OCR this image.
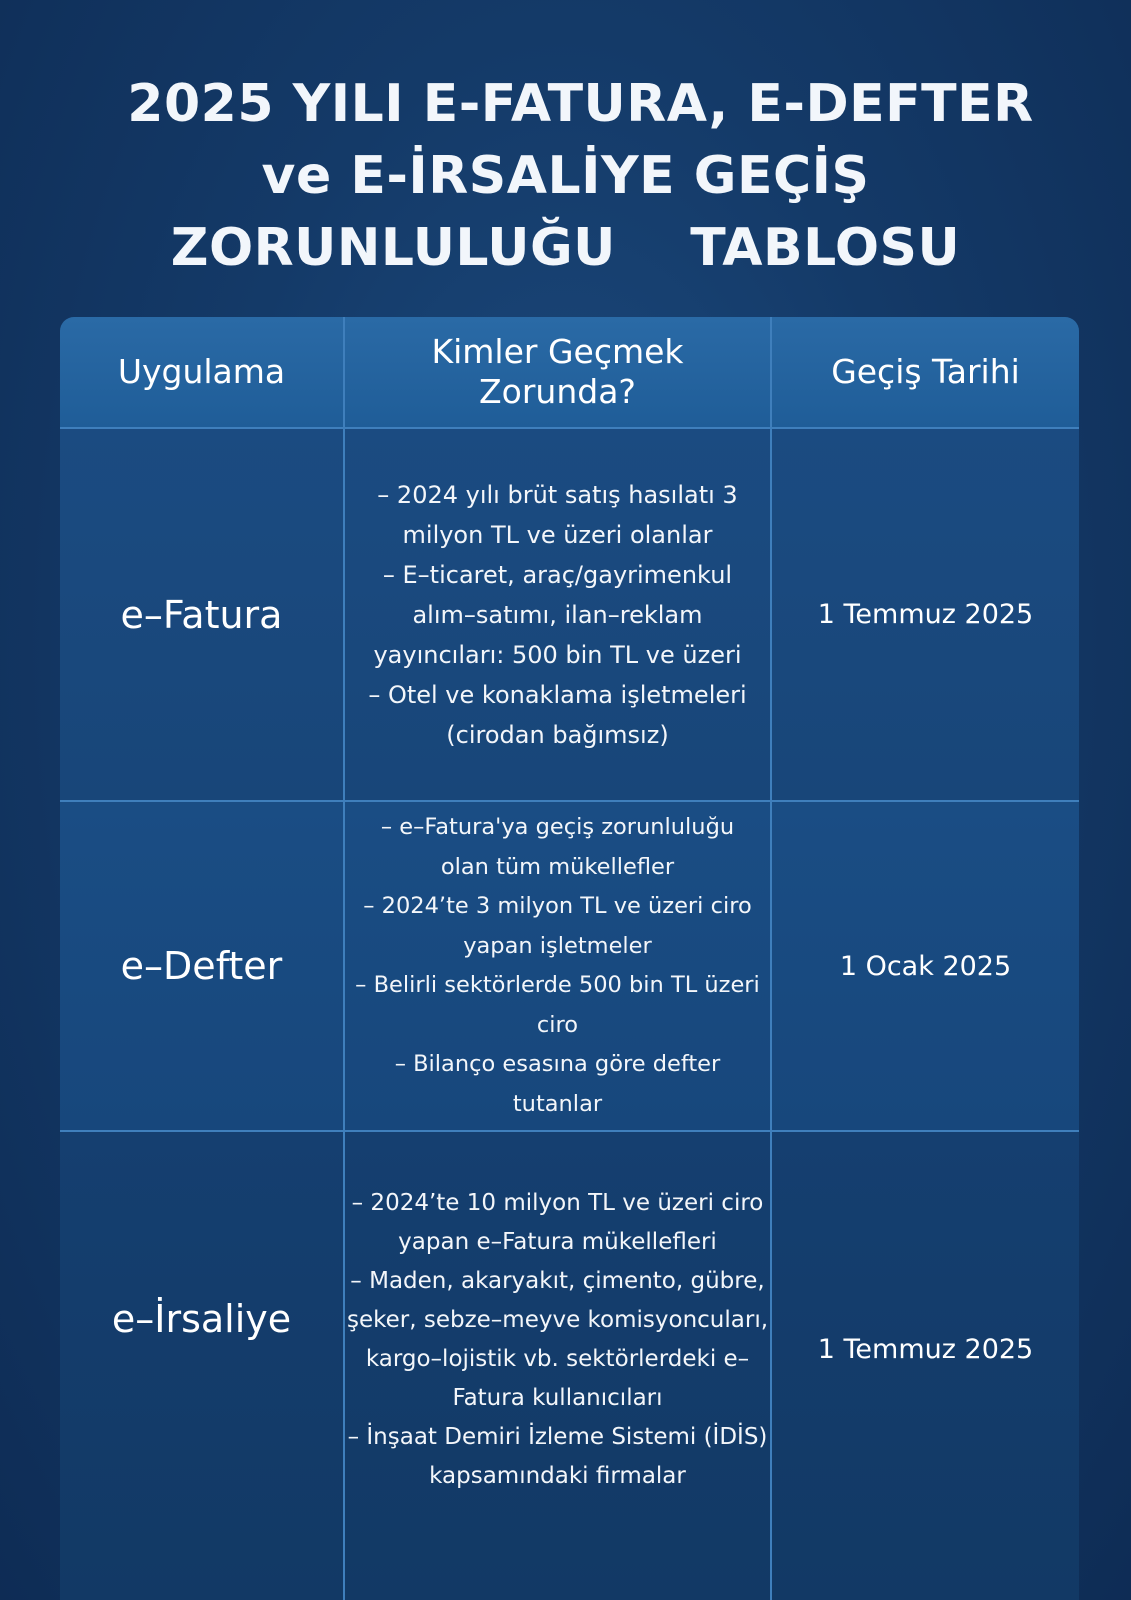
2025 YILI E-FATURA, E-DEFTER
ve E-İRSALİYE GEÇİŞ
ZORUNLULUĞU    TABLOSU
Uygulama
Kimler Geçmek
Zorunda?
Geçiş Tarihi
e–Fatura
– 2024 yılı brüt satış hasılatı 3
milyon TL ve üzeri olanlar
– E–ticaret, araç/gayrimenkul
alım–satımı, ilan–reklam
yayıncıları: 500 bin TL ve üzeri
– Otel ve konaklama işletmeleri
(cirodan bağımsız)
1 Temmuz 2025
e–Defter
– e–Fatura'ya geçiş zorunluluğu
olan tüm mükellefler
– 2024’te 3 milyon TL ve üzeri ciro
yapan işletmeler
– Belirli sektörlerde 500 bin TL üzeri
ciro
– Bilanço esasına göre defter
tutanlar
1 Ocak 2025
e–İrsaliye
– 2024’te 10 milyon TL ve üzeri ciro
yapan e–Fatura mükellefleri
– Maden, akaryakıt, çimento, gübre,
şeker, sebze–meyve komisyoncuları,
kargo–lojistik vb. sektörlerdeki e–
Fatura kullanıcıları
– İnşaat Demiri İzleme Sistemi (İDİS)
kapsamındaki firmalar
1 Temmuz 2025
